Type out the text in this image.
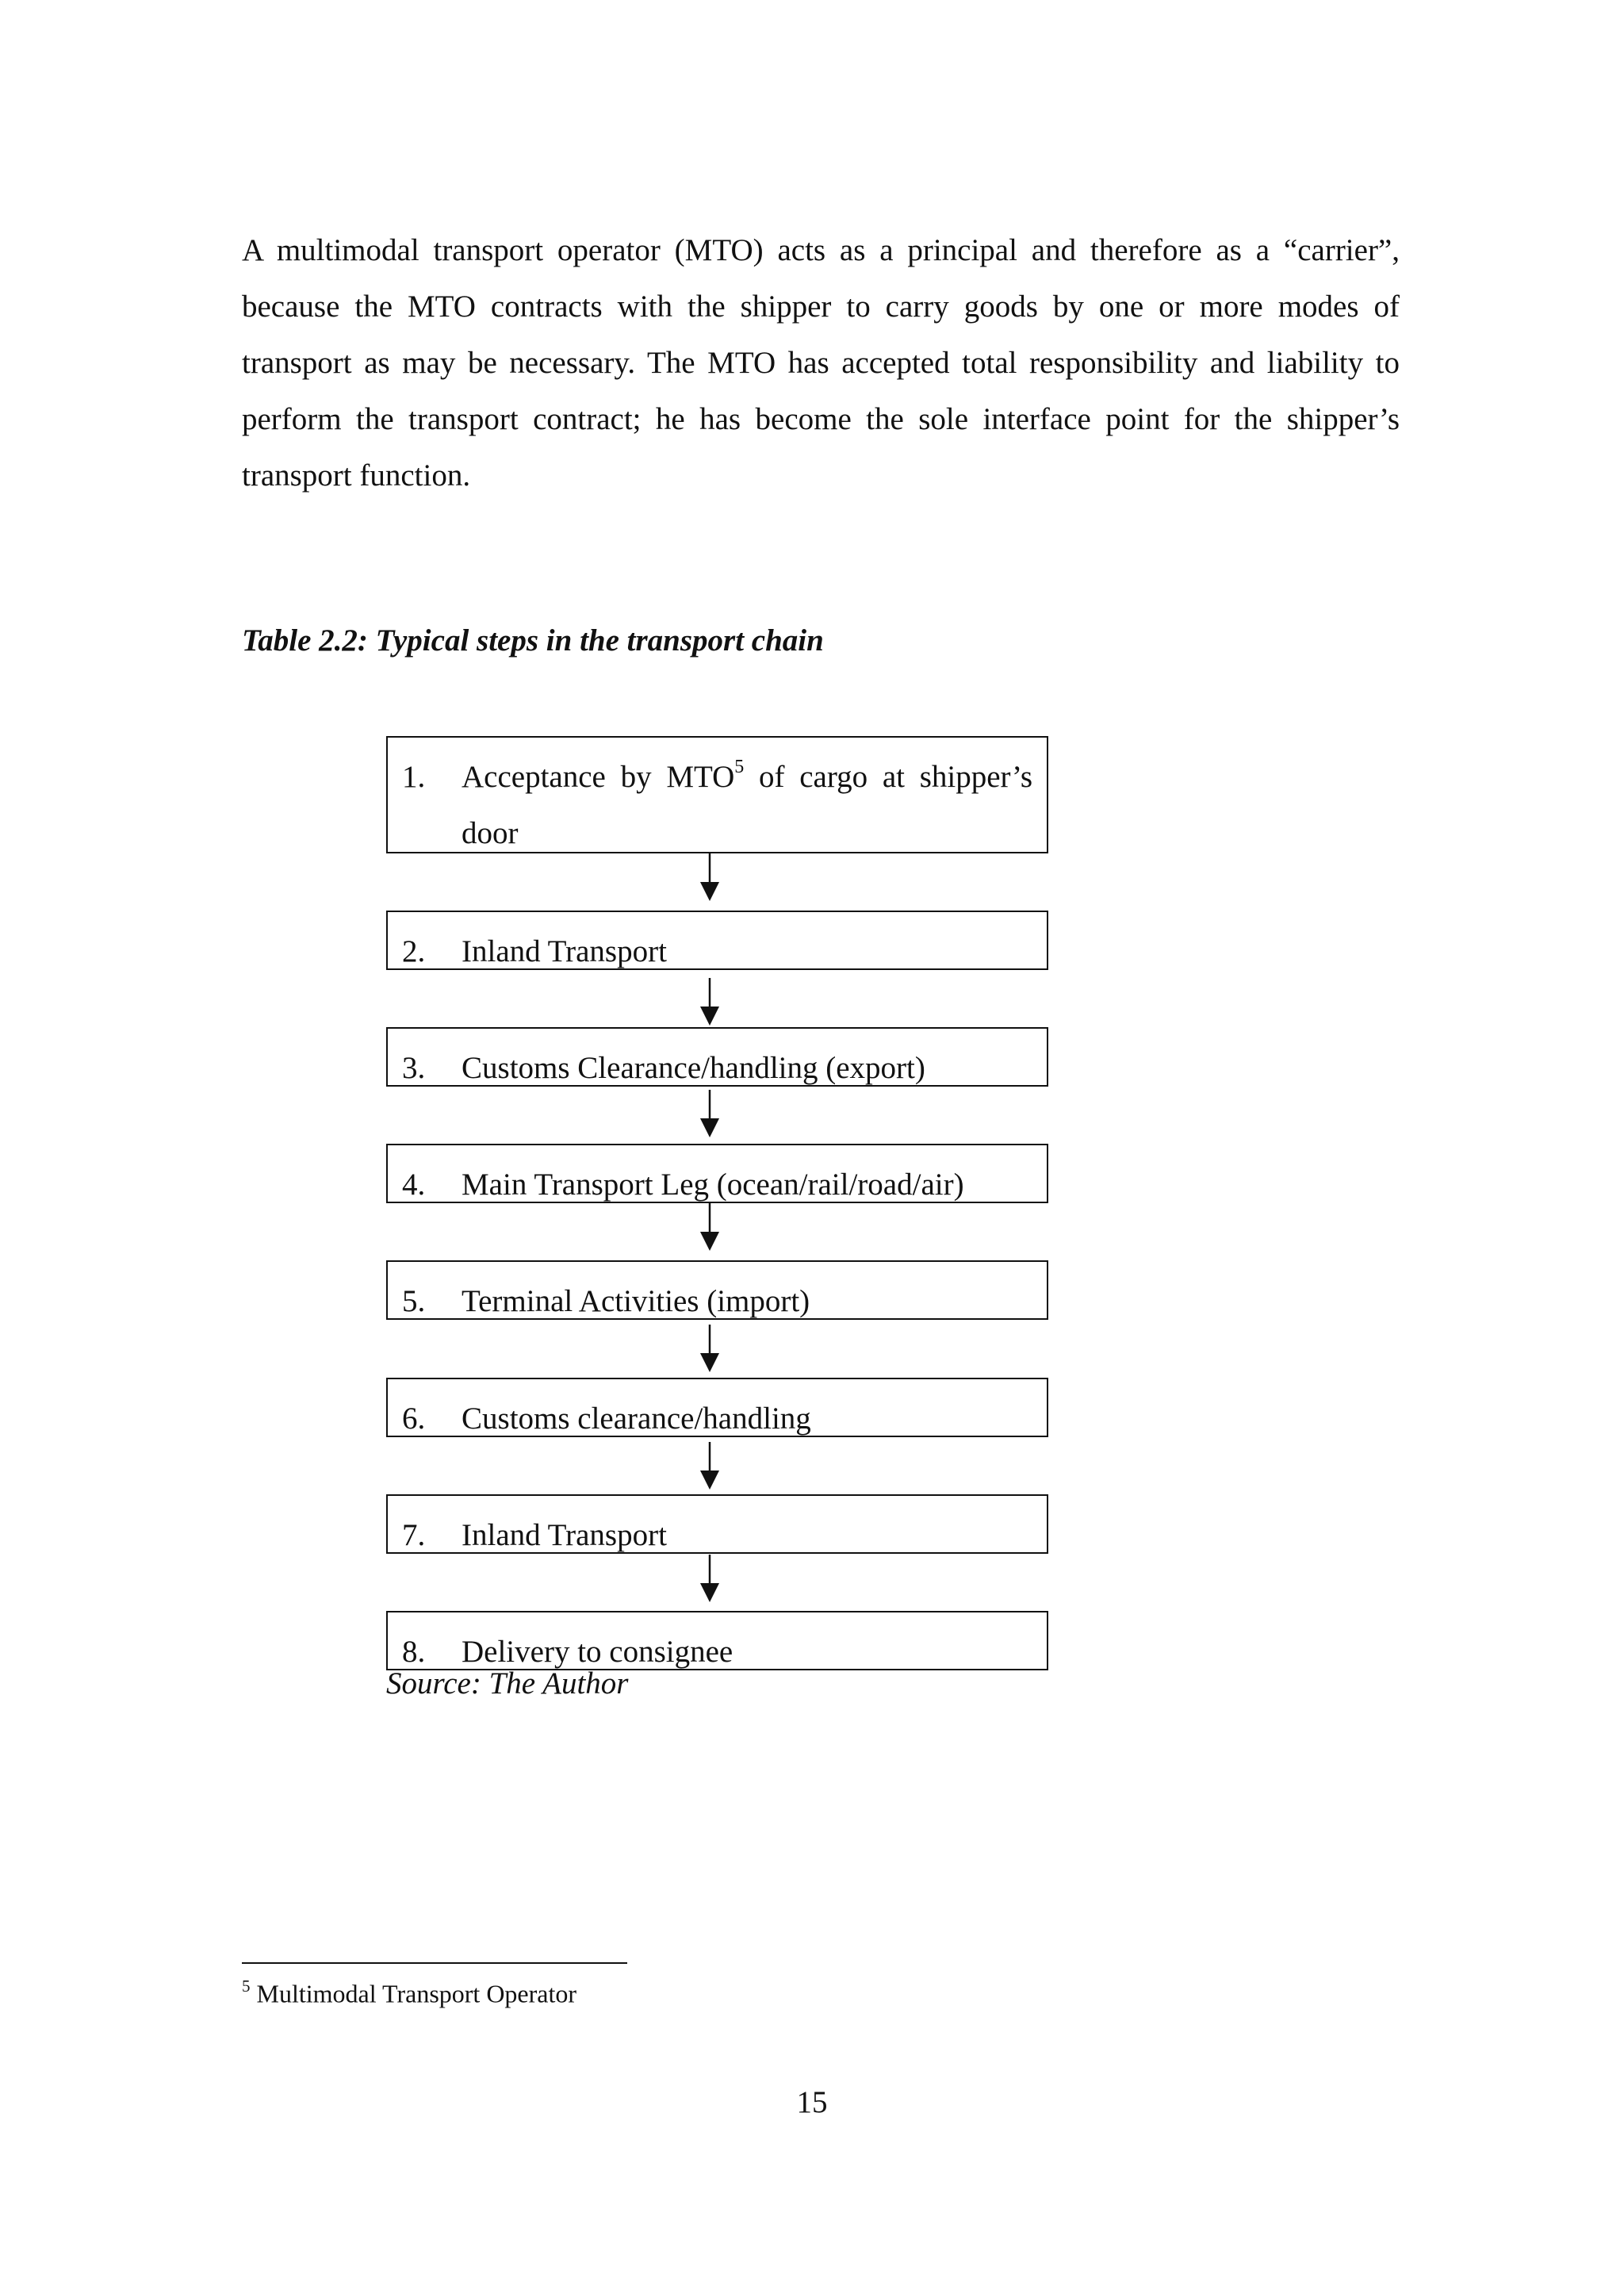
A multimodal transport operator (MTO) acts as a principal and therefore as a “carrier”, because the MTO contracts with the shipper to carry goods by one or more modes of transport as may be necessary. The MTO has accepted total responsibility and liability to perform the transport contract; he has become the sole interface point for the shipper’s transport function.

Table 2.2: Typical steps in the transport chain

1. Acceptance by MTO$^5$ of cargo at shipper’s door
2. Inland Transport
3. Customs Clearance/handling (export)
4. Main Transport Leg (ocean/rail/road/air)
5. Terminal Activities (import)
6. Customs clearance/handling
7. Inland Transport
8. Delivery to consignee

Source: The Author

$^5$ Multimodal Transport Operator

15
